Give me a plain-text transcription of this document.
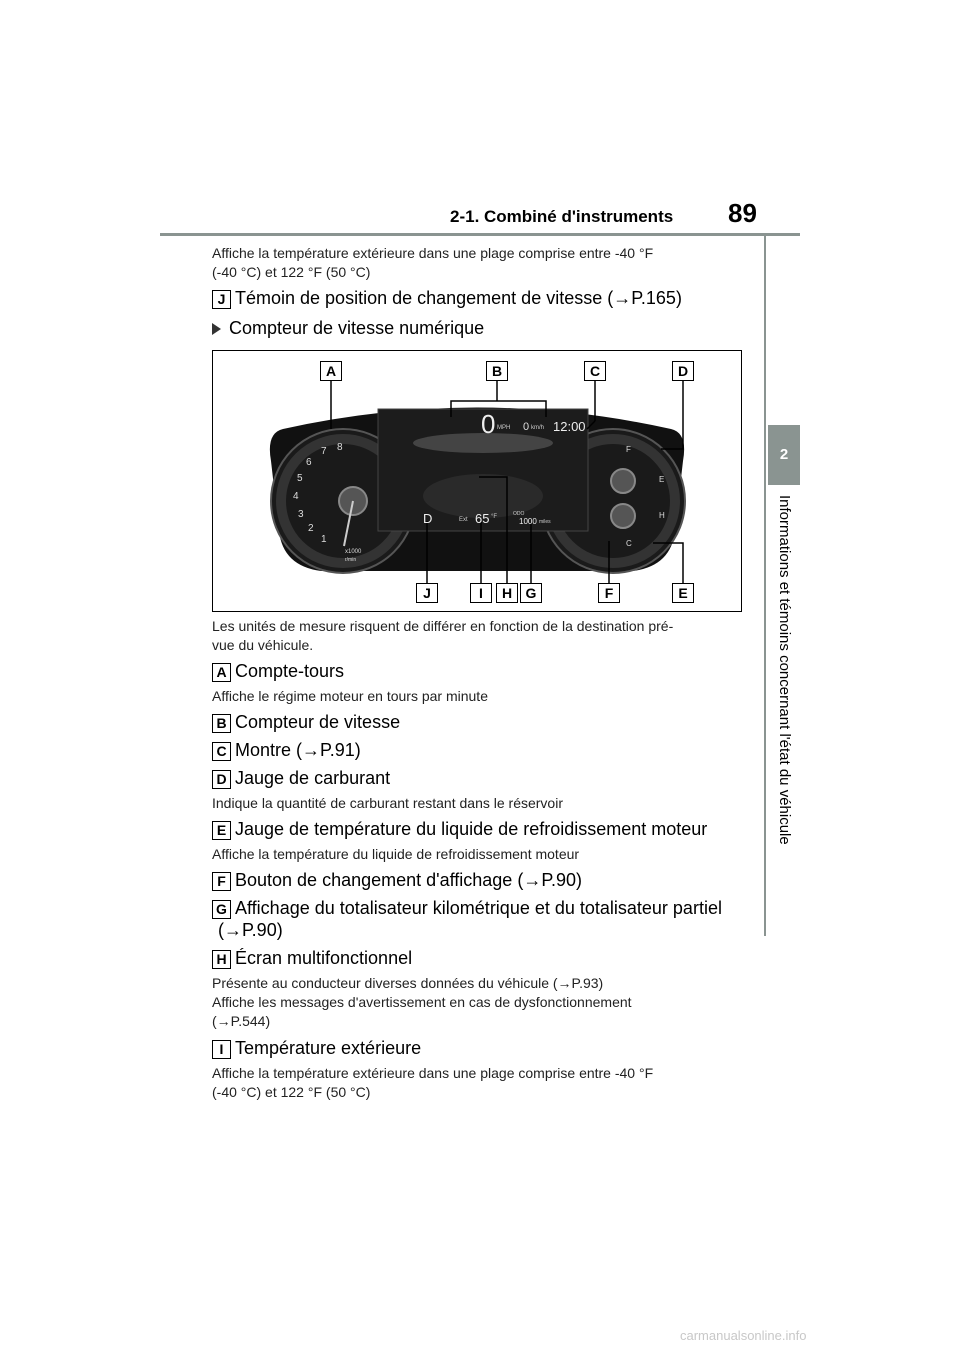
2-1. Combiné d'instruments 89
2
Informations et témoins concernant l'état du véhicule
Affiche la température extérieure dans une plage comprise entre -40 °F
(-40 °C) et 122 °F (50 °C)
J Témoin de position de changement de vitesse (→P.165)
Compteur de vitesse numérique
0 MPH 0 km/h 12:00
D	Ext 65 °F	ODO
1000 miles
1
2
3
4
5
6
7 8
x1000
r/min
F
E
H
C
A	B	C	D
J	I	H G	F	E
Les unités de mesure risquent de différer en fonction de la destination pré-
vue du véhicule.
A Compte-tours
Affiche le régime moteur en tours par minute
B Compteur de vitesse
C Montre (→P.91)
D Jauge de carburant
Indique la quantité de carburant restant dans le réservoir
E Jauge de température du liquide de refroidissement moteur
Affiche la température du liquide de refroidissement moteur
F Bouton de changement d'affichage (→P.90)
G Affichage du totalisateur kilométrique et du totalisateur partiel
(→P.90)
H Écran multifonctionnel
Présente au conducteur diverses données du véhicule (→P.93)
Affiche les messages d'avertissement en cas de dysfonctionnement
(→P.544)
I Température extérieure
Affiche la température extérieure dans une plage comprise entre -40 °F
(-40 °C) et 122 °F (50 °C)
carmanualsonline.info
